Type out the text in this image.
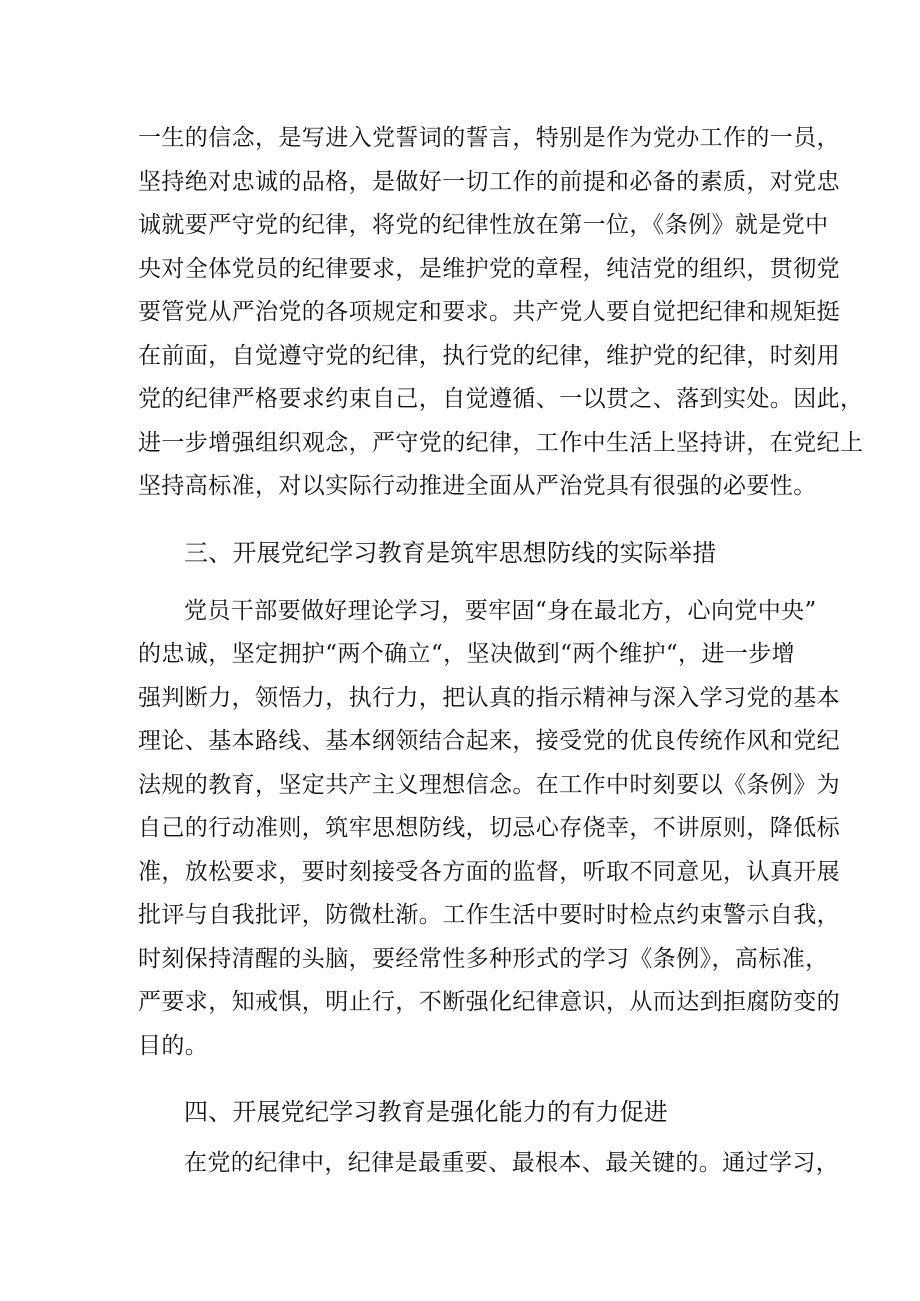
一生的信念，是写进入党誓词的誓言，特别是作为党办工作的一员，
坚持绝对忠诚的品格，是做好一切工作的前提和必备的素质，对党忠
诚就要严守党的纪律，将党的纪律性放在第一位，《条例》就是党中
央对全体党员的纪律要求，是维护党的章程，纯洁党的组织，贯彻党
要管党从严治党的各项规定和要求。共产党人要自觉把纪律和规矩挺
在前面，自觉遵守党的纪律，执行党的纪律，维护党的纪律，时刻用
党的纪律严格要求约束自己，自觉遵循、一以贯之、落到实处。因此，
进一步增强组织观念，严守党的纪律，工作中生活上坚持讲，在党纪上
坚持高标准，对以实际行动推进全面从严治党具有很强的必要性。
三、开展党纪学习教育是筑牢思想防线的实际举措
党员干部要做好理论学习，要牢固“身在最北方，心向党中央”
的忠诚，坚定拥护“两个确立“，坚决做到“两个维护“，进一步增
强判断力，领悟力，执行力，把认真的指示精神与深入学习党的基本
理论、基本路线、基本纲领结合起来，接受党的优良传统作风和党纪
法规的教育，坚定共产主义理想信念。在工作中时刻要以《条例》为
自己的行动准则，筑牢思想防线，切忌心存侥幸，不讲原则，降低标
准，放松要求，要时刻接受各方面的监督，听取不同意见，认真开展
批评与自我批评，防微杜渐。工作生活中要时时检点约束警示自我，
时刻保持清醒的头脑，要经常性多种形式的学习《条例》，高标准，
严要求，知戒惧，明止行，不断强化纪律意识，从而达到拒腐防变的
目的。
四、开展党纪学习教育是强化能力的有力促进
在党的纪律中，纪律是最重要、最根本、最关键的。通过学习，
